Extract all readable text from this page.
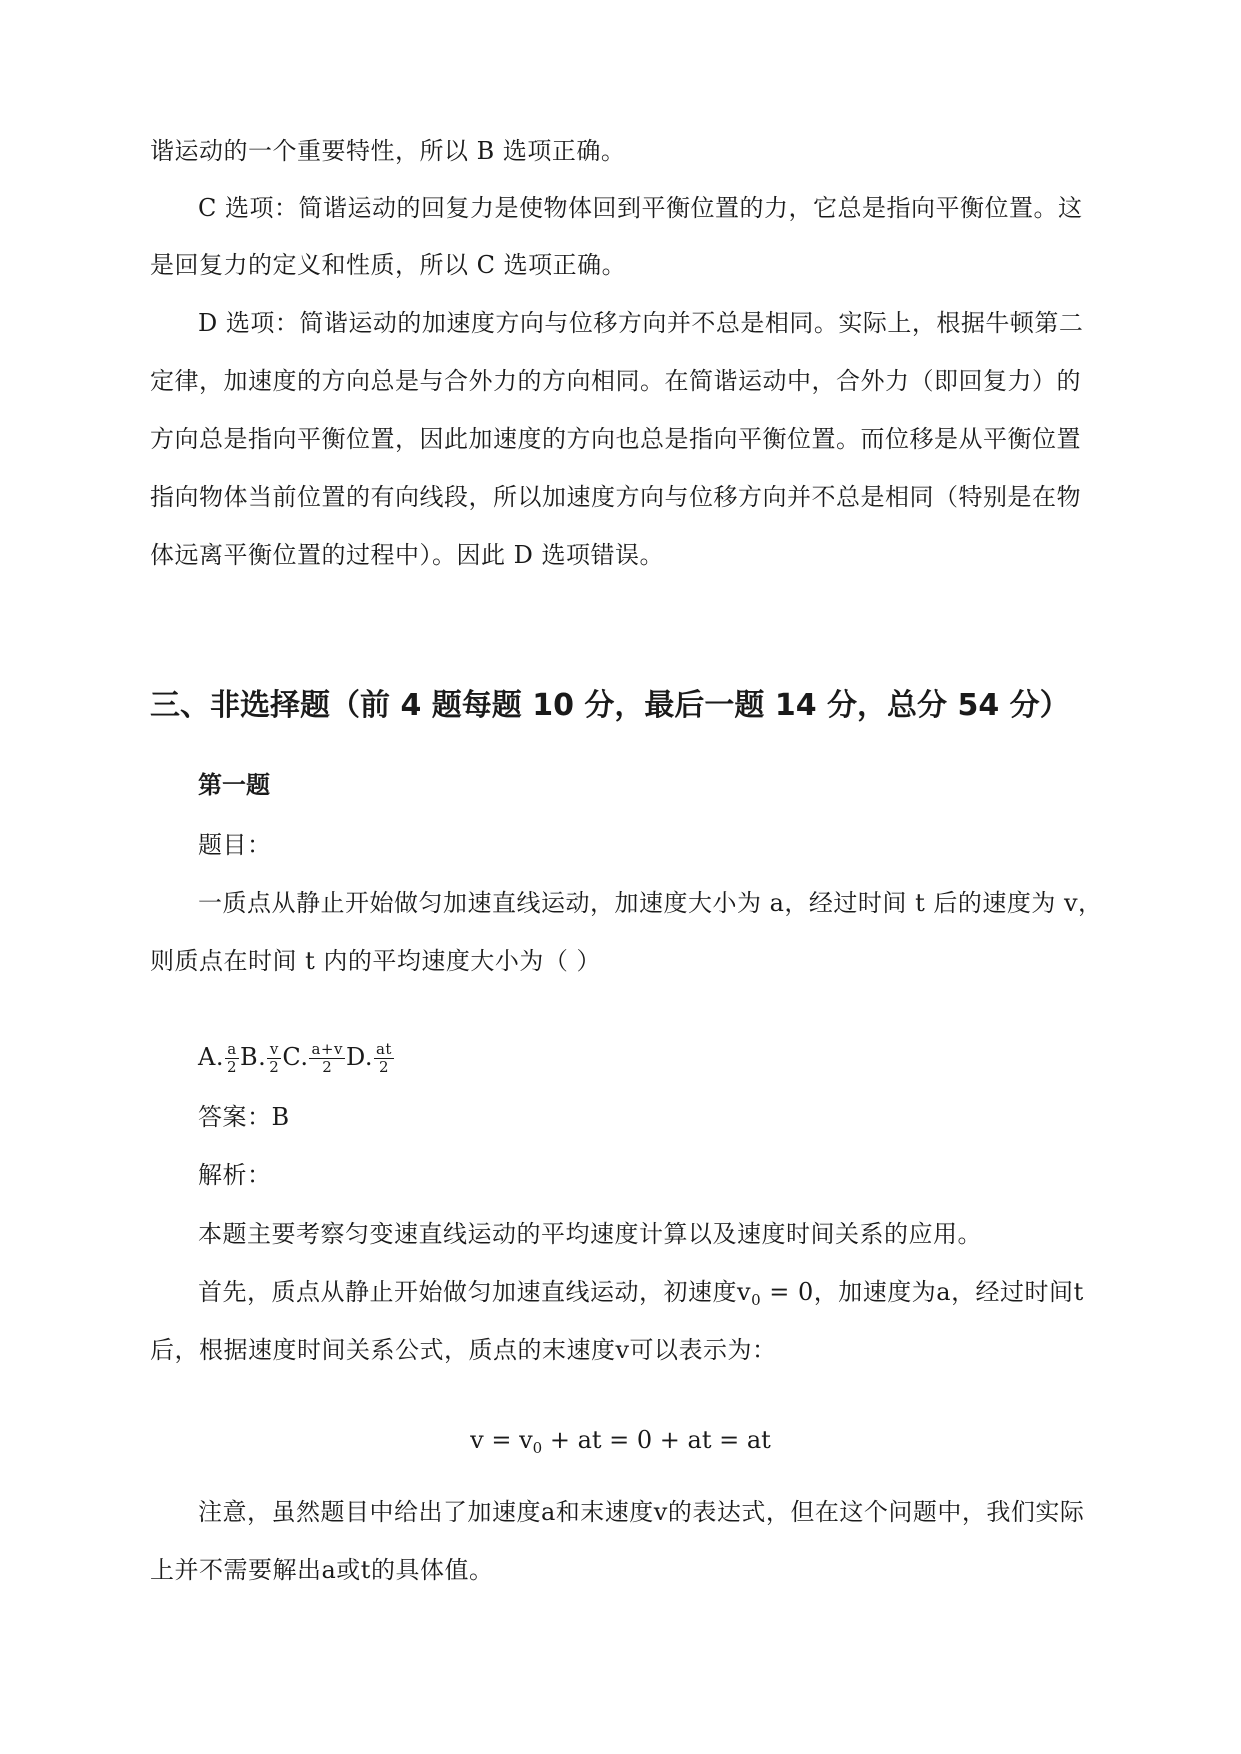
谐运动的一个重要特性，所以 B 选项正确。
C 选项：简谐运动的回复力是使物体回到平衡位置的力，它总是指向平衡位置。这
是回复力的定义和性质，所以 C 选项正确。
D 选项：简谐运动的加速度方向与位移方向并不总是相同。实际上，根据牛顿第二
定律，加速度的方向总是与合外力的方向相同。在简谐运动中，合外力（即回复力）的
方向总是指向平衡位置，因此加速度的方向也总是指向平衡位置。而位移是从平衡位置
指向物体当前位置的有向线段，所以加速度方向与位移方向并不总是相同（特别是在物
体远离平衡位置的过程中）。因此 D 选项错误。
三、非选择题（前 4 题每题 10 分，最后一题 14 分，总分 54 分）
第一题
题目：
一质点从静止开始做匀加速直线运动，加速度大小为 a，经过时间 t 后的速度为 v，
则质点在时间 t 内的平均速度大小为（ ）
A. $\frac{a}{2} B$. $\frac{v}{2} C$. $\frac{a+v}{2} D$. $\frac{at}{2}$
答案：B
解析：
本题主要考察匀变速直线运动的平均速度计算以及速度时间关系的应用。
首先，质点从静止开始做匀加速直线运动，初速度$v_0 = 0$，加速度为a，经过时间t
后，根据速度时间关系公式，质点的末速度v可以表示为：
$v = v_0$ + at = 0 + at = at
注意，虽然题目中给出了加速度a和末速度v的表达式，但在这个问题中，我们实际
上并不需要解出a或t的具体值。
